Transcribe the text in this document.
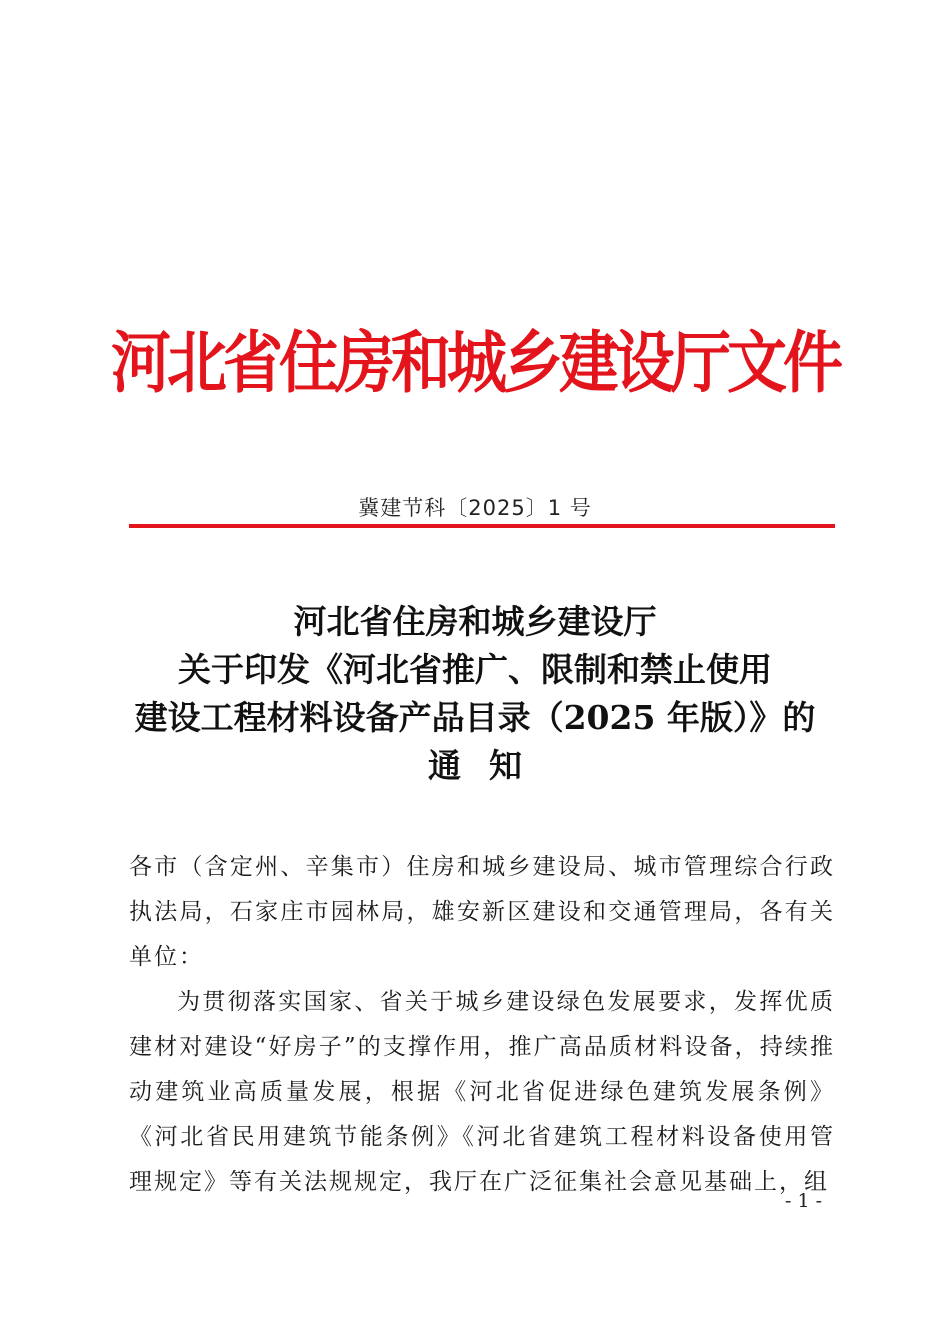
河北省住房和城乡建设厅文件
冀建节科〔2025〕1 号
河北省住房和城乡建设厅
关于印发《河北省推广、限制和禁止使用
建设工程材料设备产品目录（2025 年版）》的
通知

各市（含定州、辛集市）住房和城乡建设局、城市管理综合行政执法局，石家庄市园林局，雄安新区建设和交通管理局，各有关单位：

为贯彻落实国家、省关于城乡建设绿色发展要求，发挥优质建材对建设“好房子”的支撑作用，推广高品质材料设备，持续推动建筑业高质量发展，根据《河北省促进绿色建筑发展条例》《河北省民用建筑节能条例》《河北省建筑工程材料设备使用管理规定》等有关法规规定，我厅在广泛征集社会意见基础上，组

- 1 -
